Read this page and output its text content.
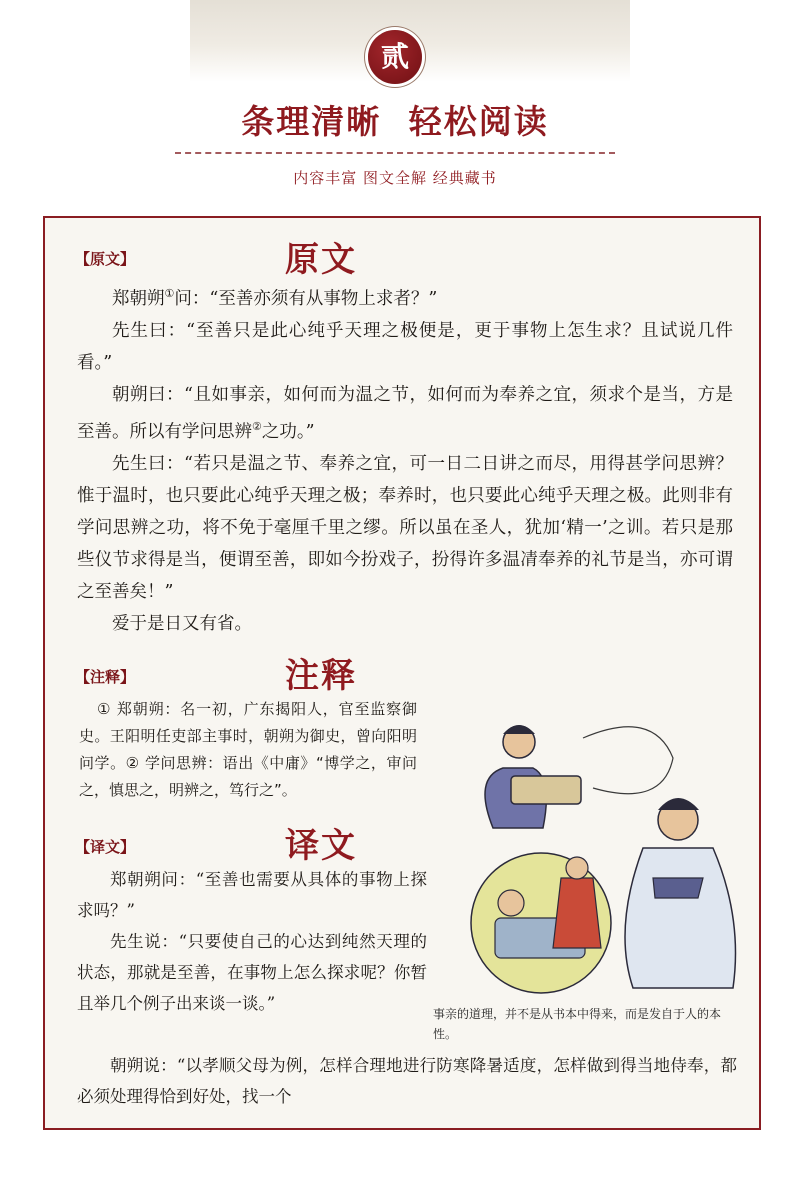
贰
条理清晰 轻松阅读
内容丰富 图文全解 经典藏书
【原文】	原文

郑朝朔①问：“至善亦须有从事物上求者？”

先生曰：“至善只是此心纯乎天理之极便是，更于事物上怎生求？且试说几件看。”

朝朔曰：“且如事亲，如何而为温之节，如何而为奉养之宜，须求个是当，方是至善。所以有学问思辨②之功。”

先生曰：“若只是温之节、奉养之宜，可一日二日讲之而尽，用得甚学问思辨？惟于温时，也只要此心纯乎天理之极；奉养时，也只要此心纯乎天理之极。此则非有学问思辨之功，将不免于毫厘千里之缪。所以虽在圣人，犹加‘精一’之训。若只是那些仪节求得是当，便谓至善，即如今扮戏子，扮得许多温凊奉养的礼节是当，亦可谓之至善矣！”

爱于是日又有省。

【注释】	注释

① 郑朝朔：名一初，广东揭阳人，官至监察御史。王阳明任吏部主事时，朝朔为御史，曾向阳明问学。② 学问思辨：语出《中庸》“博学之，审问之，慎思之，明辨之，笃行之”。

【译文】	译文

郑朝朔问：“至善也需要从具体的事物上探求吗？”

先生说：“只要使自己的心达到纯然天理的状态，那就是至善，在事物上怎么探求呢？你暂且举几个例子出来谈一谈。”

朝朔说：“以孝顺父母为例，怎样合理地进行防寒降暑适度，怎样做到得当地侍奉，都必须处理得恰到好处，找一个

事亲的道理，并不是从书本中得来，而是发自于人的本性。
